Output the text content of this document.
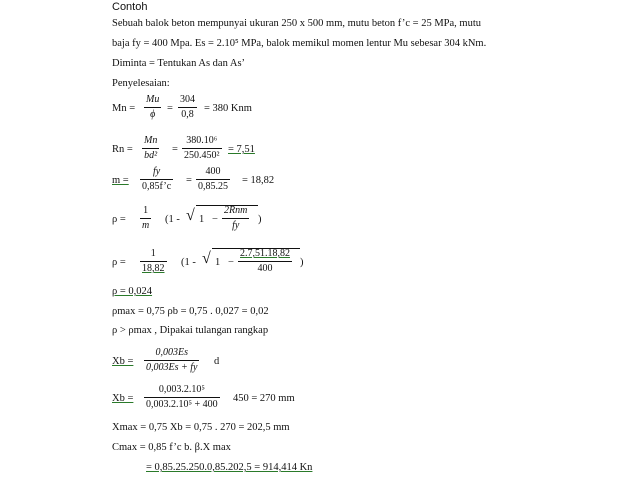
Contoh
Sebuah balok beton mempunyai ukuran 250 x 500 mm, mutu beton f’c = 25 MPa, mutu
baja fy = 400 Mpa. Es = 2.10⁵ MPa, balok memikul momen lentur Mu sebesar 304 kNm.
Diminta = Tentukan As dan As’
Penyelesaian:
Mn =
Mu
ϕ
=
304
0,8
= 380 Knm
Rn =
Mn
bd²
=
380.10⁶
250.450²
= 7,51
m =
fy
0,85f’c
=
400
0,85.25
= 18,82
ρ =
1
m
(1 - √ 1 −
2Rnm
fy
)
ρ =
1
18,82
(1 - √ $1 - \frac{2.7,51.18,82}{400}$ )
ρ = 0,024
ρmax = 0,75 ρb = 0,75 . 0,027 = 0,02
ρ > ρmax , Dipakai tulangan rangkap
Xb =
0,003Es
0,003Es + fy
d
Xb =
0,003.2.10⁵
0,003.2.10⁵ + 400
450 = 270 mm
Xmax = 0,75 Xb = 0,75 . 270 = 202,5 mm
Cmax = 0,85 f’c b. β.X max
= 0,85.25.250.0,85.202,5 = 914,414 Kn
